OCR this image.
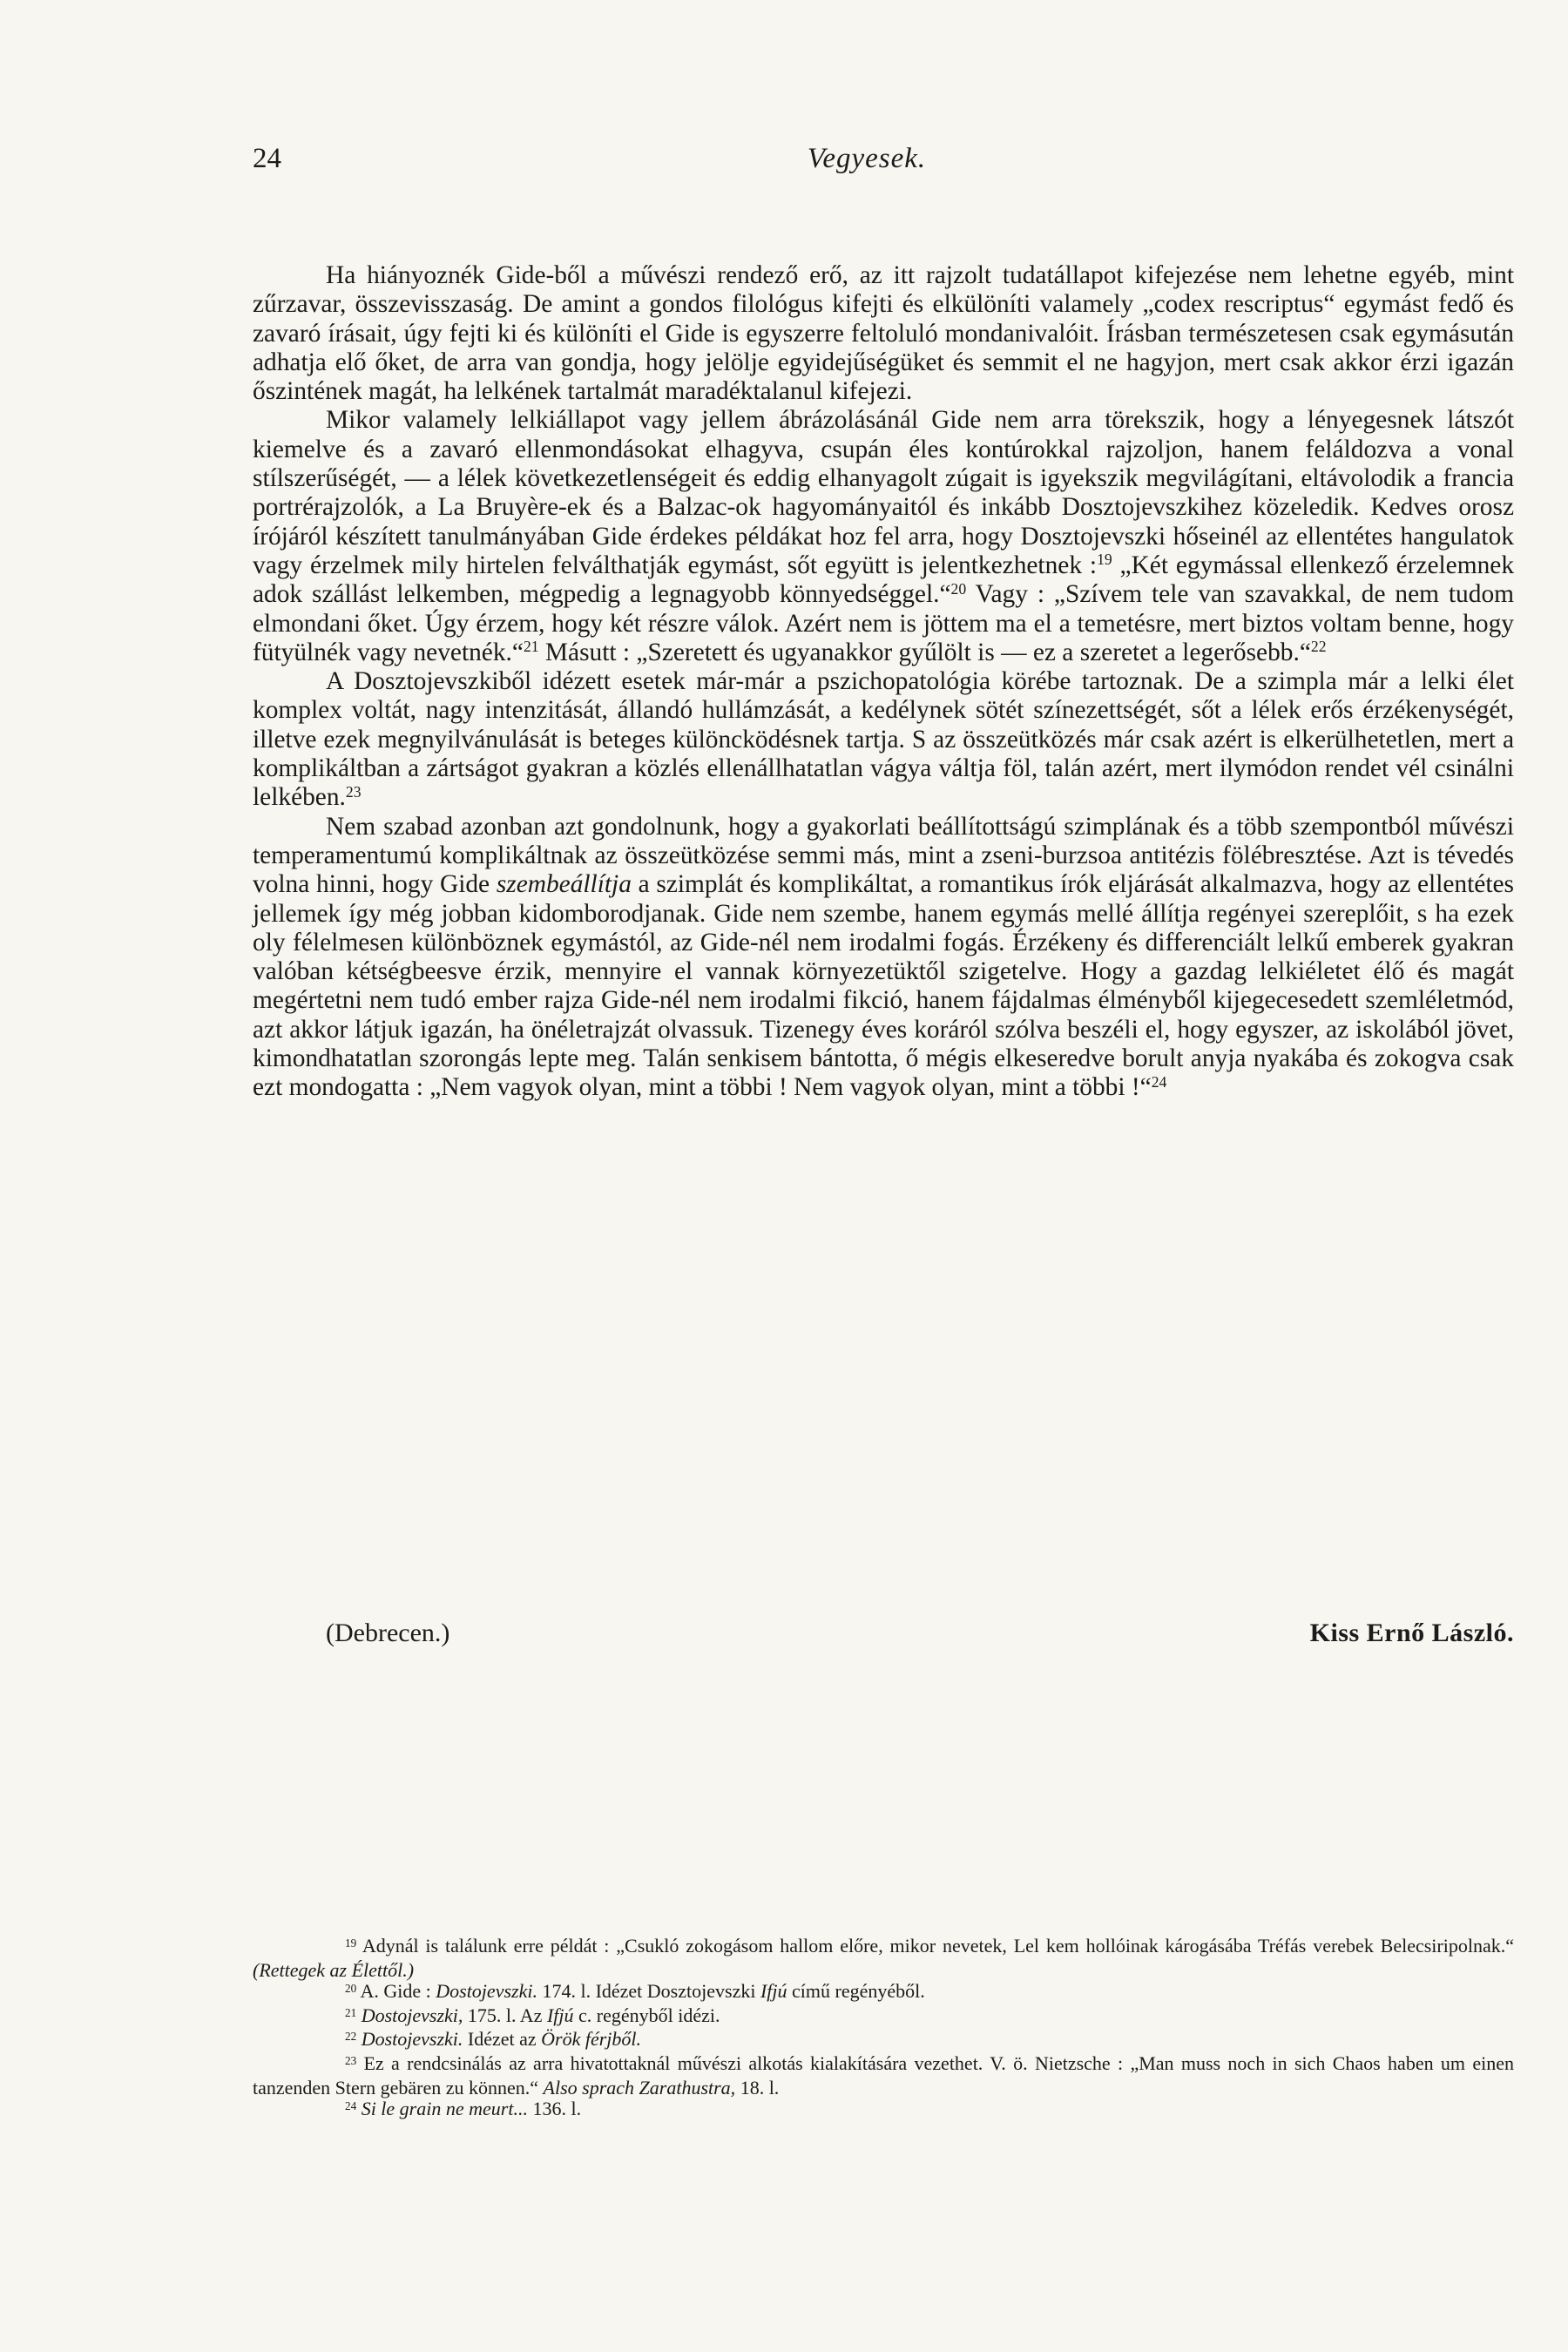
24	Vegyesek.

Ha hiányoznék Gide-ből a művészi rendező erő, az itt rajzolt tudatállapot kifejezése nem lehetne egyéb, mint zűrzavar, összevisszaság. De amint a gondos filológus kifejti és elkülöníti valamely „codex rescriptus“ egymást fedő és zavaró írásait, úgy fejti ki és különíti el Gide is egyszerre feltoluló mondanivalóit. Írásban természetesen csak egymásután adhatja elő őket, de arra van gondja, hogy jelölje egyidejűségüket és semmit el ne hagyjon, mert csak akkor érzi igazán őszintének magát, ha lelkének tartalmát maradéktalanul kifejezi.

Mikor valamely lelkiállapot vagy jellem ábrázolásánál Gide nem arra törekszik, hogy a lényegesnek látszót kiemelve és a zavaró ellenmondásokat elhagyva, csupán éles kontúrokkal rajzoljon, hanem feláldozva a vonal stílszerűségét, — a lélek következetlenségeit és eddig elhanyagolt zúgait is igyekszik megvilágítani, eltávolodik a francia portrérajzolók, a La Bruyère-ek és a Balzac-ok hagyományaitól és inkább Dosztojevszkihez közeledik. Kedves orosz írójáról készített tanulmányában Gide érdekes példákat hoz fel arra, hogy Dosztojevszki hőseinél az ellentétes hangulatok vagy érzelmek mily hirtelen felválthatják egymást, sőt együtt is jelentkezhetnek :$^{19}$ „Két egymással ellenkező érzelemnek adok szállást lelkemben, mégpedig a legnagyobb könnyedséggel.“$^{20}$ Vagy : „Szívem tele van szavakkal, de nem tudom elmondani őket. Úgy érzem, hogy két részre válok. Azért nem is jöttem ma el a temetésre, mert biztos voltam benne, hogy fütyülnék vagy nevetnék.“$^{21}$ Másutt : „Szeretett és ugyanakkor gyűlölt is — ez a szeretet a legerősebb.“$^{22}$

A Dosztojevszkiből idézett esetek már-már a pszichopatológia körébe tartoznak. De a szimpla már a lelki élet komplex voltát, nagy intenzitását, állandó hullámzását, a kedélynek sötét színezettségét, sőt a lélek erős érzékenységét, illetve ezek megnyilvánulását is beteges különcködésnek tartja. S az összeütközés már csak azért is elkerülhetetlen, mert a komplikáltban a zártságot gyakran a közlés ellenállhatatlan vágya váltja föl, talán azért, mert ilymódon rendet vél csinálni lelkében.$^{23}$

Nem szabad azonban azt gondolnunk, hogy a gyakorlati beállítottságú szimplának és a több szempontból művészi temperamentumú komplikáltnak az összeütközése semmi más, mint a zseni-burzsoa antitézis fölébresztése. Azt is tévedés volna hinni, hogy Gide szembeállítja a szimplát és komplikáltat, a romantikus írók eljárását alkalmazva, hogy az ellentétes jellemek így még jobban kidomborodjanak. Gide nem szembe, hanem egymás mellé állítja regényei szereplőit, s ha ezek oly félelmesen különböznek egymástól, az Gide-nél nem irodalmi fogás. Érzékeny és differenciált lelkű emberek gyakran valóban kétségbeesve érzik, mennyire el vannak környezetüktől szigetelve. Hogy a gazdag lelkiéletet élő és magát megértetni nem tudó ember rajza Gide-nél nem irodalmi fikció, hanem fájdalmas élményből kijegecesedett szemléletmód, azt akkor látjuk igazán, ha önéletrajzát olvassuk. Tizenegy éves koráról szólva beszéli el, hogy egyszer, az iskolából jövet, kimondhatatlan szorongás lepte meg. Talán senkisem bántotta, ő mégis elkeseredve borult anyja nyakába és zokogva csak ezt mondogatta : „Nem vagyok olyan, mint a többi ! Nem vagyok olyan, mint a többi !“$^{24}$

(Debrecen.)	Kiss Ernő László.

$^{19}$ Adynál is találunk erre példát : „Csukló zokogásom hallom előre, mikor nevetek, Lel kem hollóinak károgásába Tréfás verebek Belecsiripolnak.“ (Rettegek az Élettől.)

$^{20}$ A. Gide : Dostojevszki. 174. l. Idézet Dosztojevszki Ifjú című regényéből.

$^{21}$ Dostojevszki, 175. l. Az Ifjú c. regényből idézi.

$^{22}$ Dostojevszki. Idézet az Örök férjből.

$^{23}$ Ez a rendcsinálás az arra hivatottaknál művészi alkotás kialakítására vezethet. V. ö. Nietzsche : „Man muss noch in sich Chaos haben um einen tanzenden Stern gebären zu können.“ Also sprach Zarathustra, 18. l.

$^{24}$ Si le grain ne meurt... 136. l.
